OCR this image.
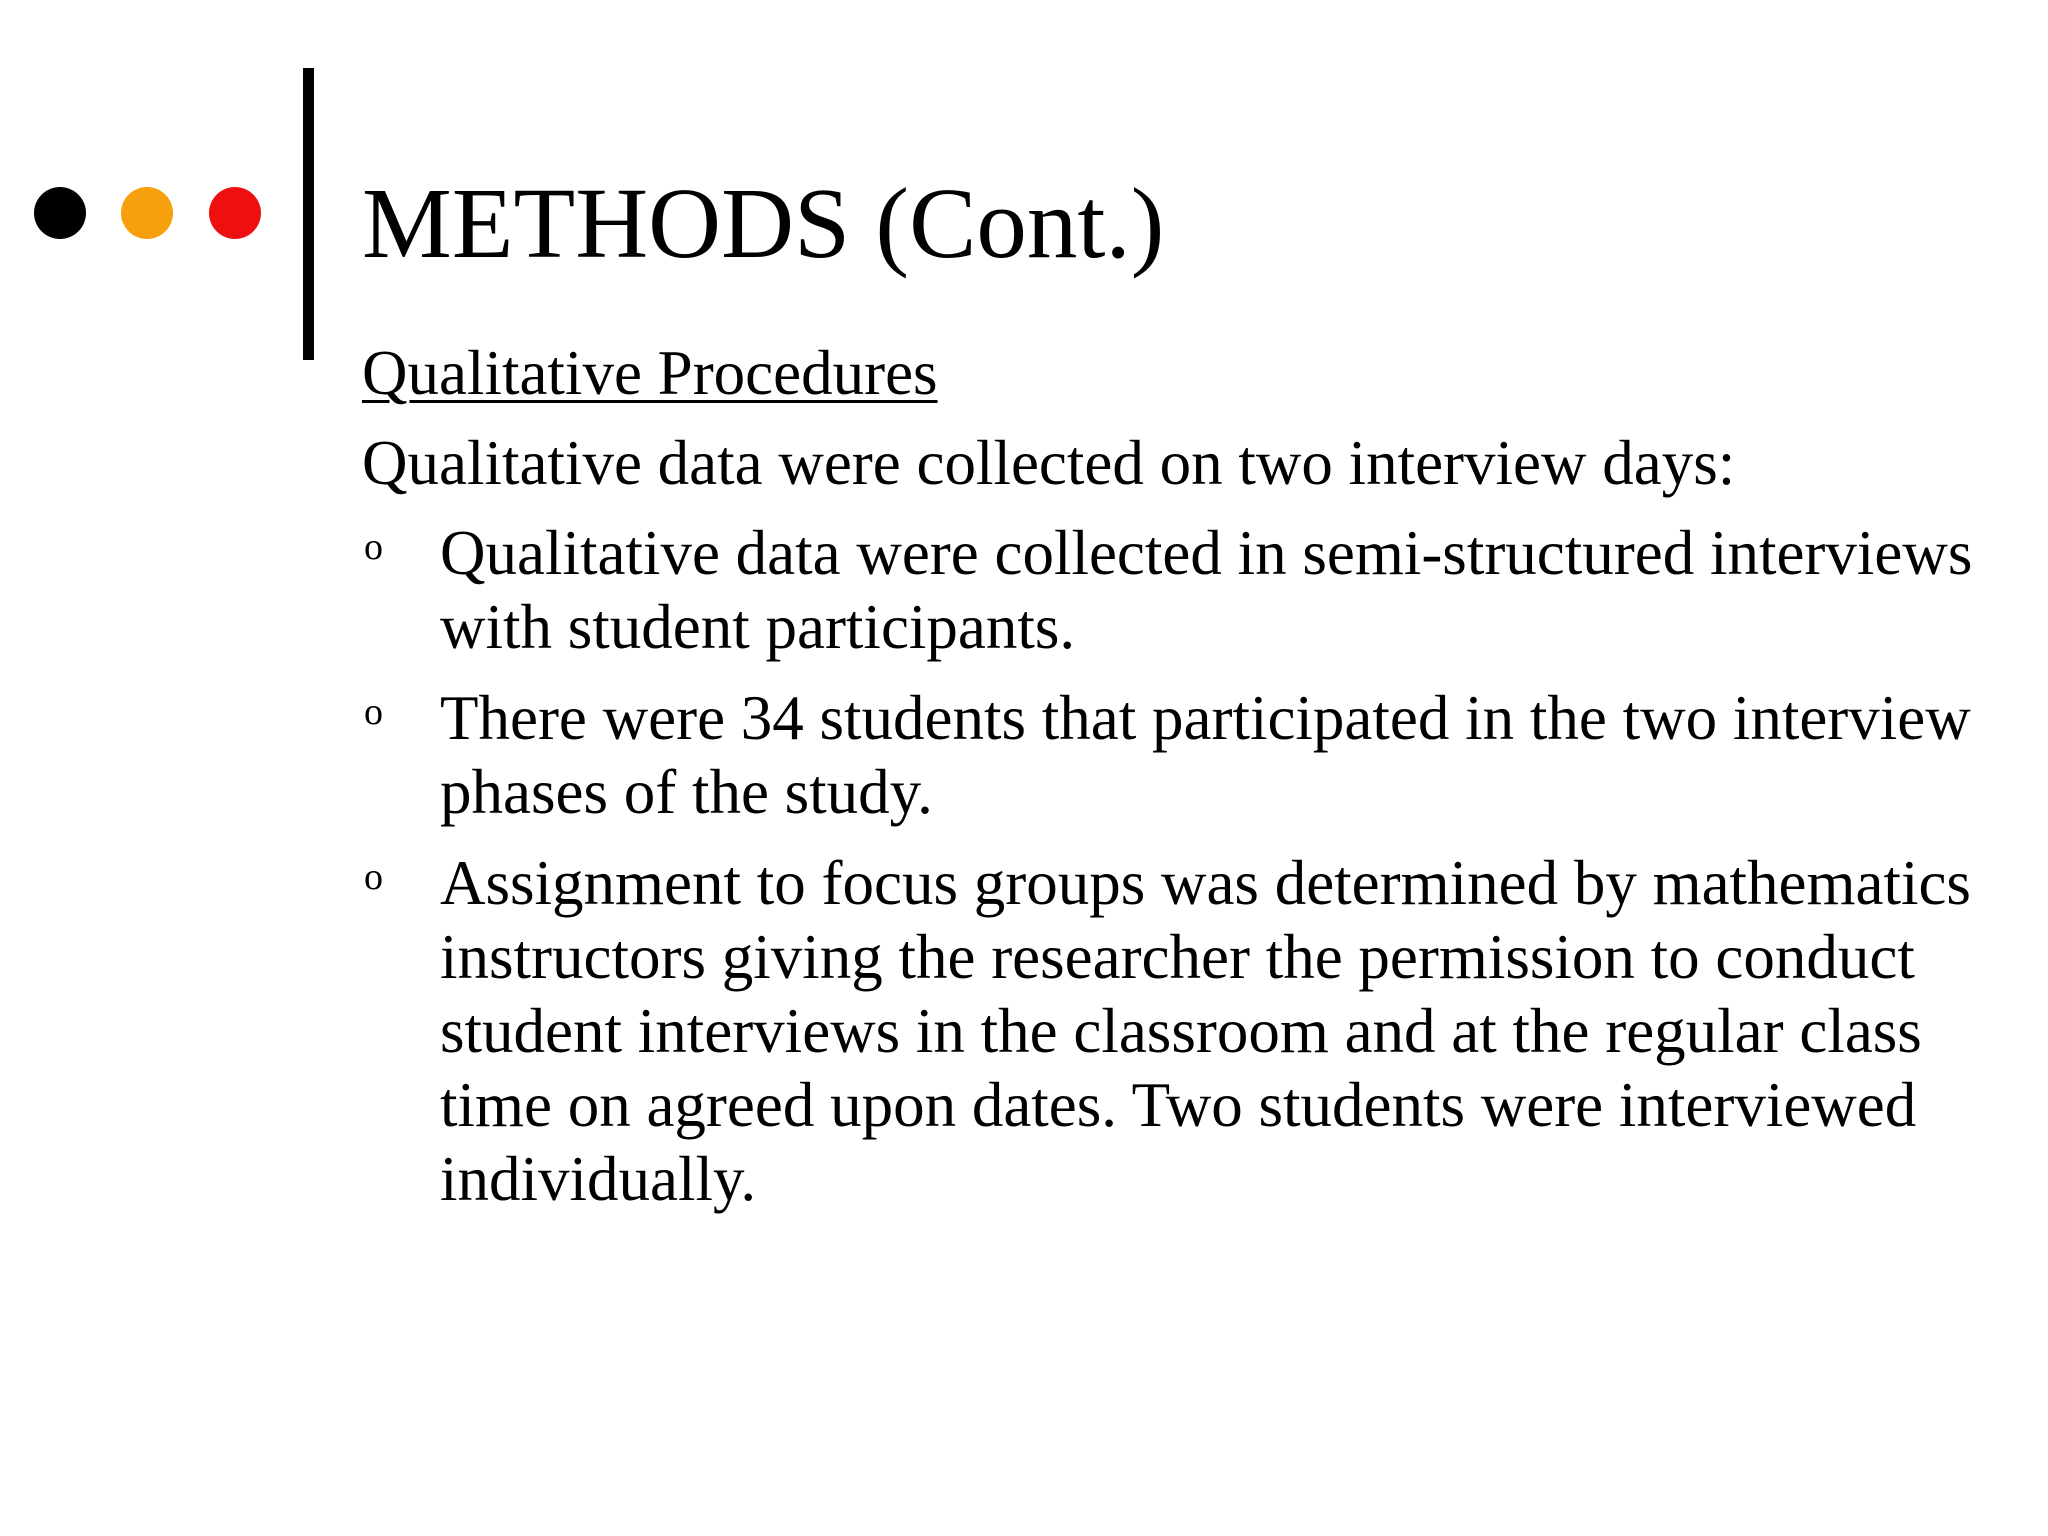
METHODS (Cont.)

Qualitative Procedures

Qualitative data were collected on two interview days:

o Qualitative data were collected in semi-structured interviews with student participants.
o There were 34 students that participated in the two interview phases of the study.
o Assignment to focus groups was determined by mathematics instructors giving the researcher the permission to conduct student interviews in the classroom and at the regular class time on agreed upon dates. Two students were interviewed individually.
